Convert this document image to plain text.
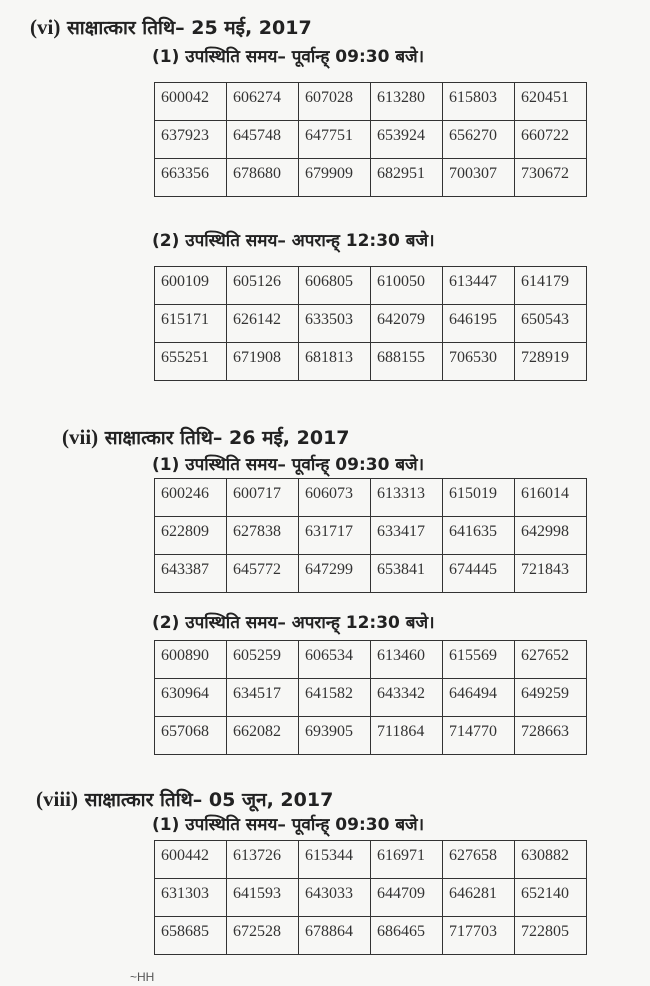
(vi) साक्षात्कार तिथि– 25 मई, 2017
(1) उपस्थिति समय– पूर्वान्ह् 09:30 बजे।
600042	606274	607028	613280	615803	620451
637923	645748	647751	653924	656270	660722
663356	678680	679909	682951	700307	730672
(2) उपस्थिति समय– अपरान्ह् 12:30 बजे।
600109	605126	606805	610050	613447	614179
615171	626142	633503	642079	646195	650543
655251	671908	681813	688155	706530	728919
(vii) साक्षात्कार तिथि– 26 मई, 2017
(1) उपस्थिति समय– पूर्वान्ह् 09:30 बजे।
600246	600717	606073	613313	615019	616014
622809	627838	631717	633417	641635	642998
643387	645772	647299	653841	674445	721843
(2) उपस्थिति समय– अपरान्ह् 12:30 बजे।
600890	605259	606534	613460	615569	627652
630964	634517	641582	643342	646494	649259
657068	662082	693905	711864	714770	728663
(viii) साक्षात्कार तिथि– 05 जून, 2017
(1) उपस्थिति समय– पूर्वान्ह् 09:30 बजे।
600442	613726	615344	616971	627658	630882
631303	641593	643033	644709	646281	652140
658685	672528	678864	686465	717703	722805
~HH
